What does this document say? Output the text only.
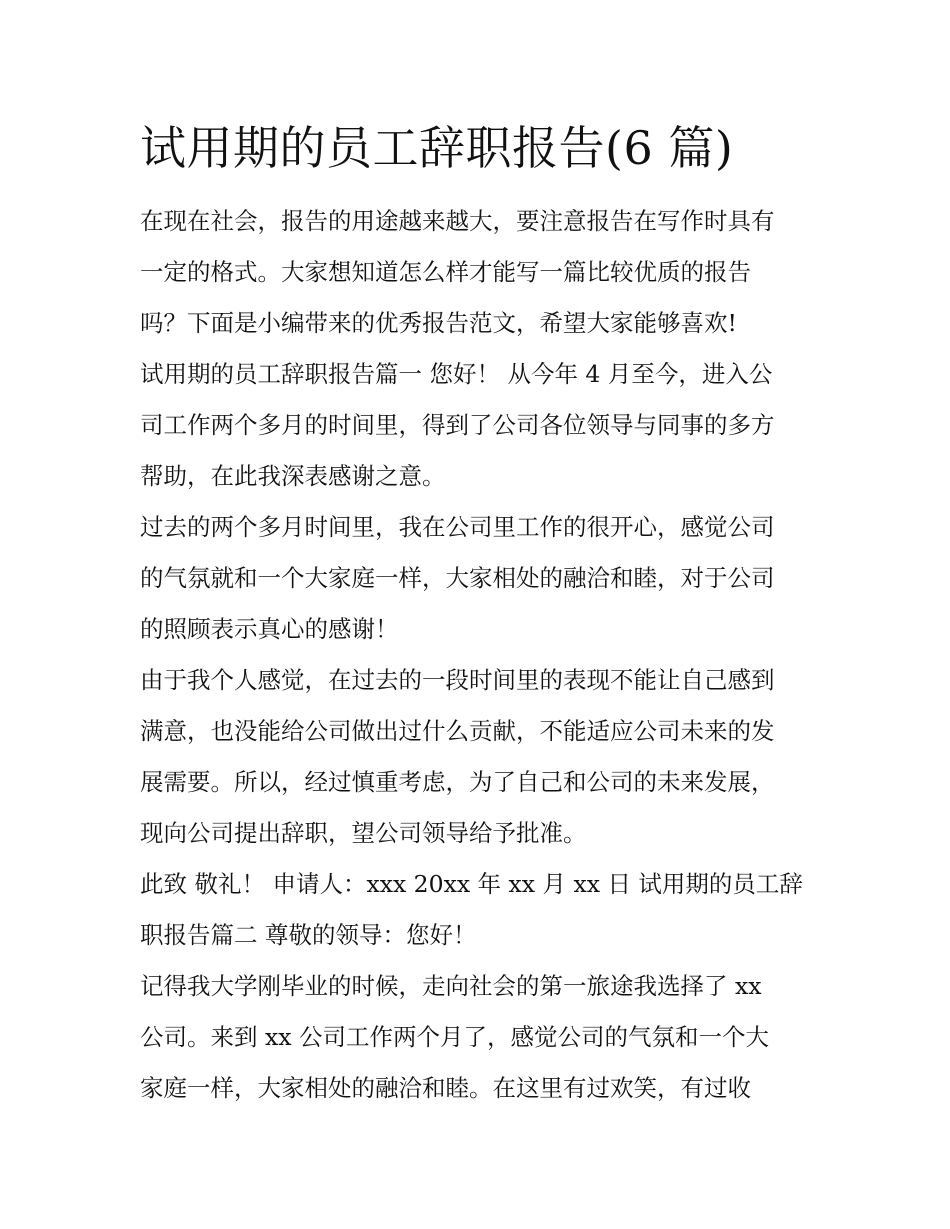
试用期的员工辞职报告(6 篇)
在现在社会，报告的用途越来越大，要注意报告在写作时具有
一定的格式。大家想知道怎么样才能写一篇比较优质的报告
吗？下面是小编带来的优秀报告范文，希望大家能够喜欢!
试用期的员工辞职报告篇一 您好！ 从今年 4 月至今，进入公
司工作两个多月的时间里，得到了公司各位领导与同事的多方
帮助，在此我深表感谢之意。
过去的两个多月时间里，我在公司里工作的很开心，感觉公司
的气氛就和一个大家庭一样，大家相处的融洽和睦，对于公司
的照顾表示真心的感谢！
由于我个人感觉，在过去的一段时间里的表现不能让自己感到
满意，也没能给公司做出过什么贡献，不能适应公司未来的发
展需要。所以，经过慎重考虑，为了自己和公司的未来发展，
现向公司提出辞职，望公司领导给予批准。
此致 敬礼！ 申请人：xxx 20xx 年 xx 月 xx 日 试用期的员工辞
职报告篇二 尊敬的领导：您好！
记得我大学刚毕业的时候，走向社会的第一旅途我选择了 xx
公司。来到 xx 公司工作两个月了，感觉公司的气氛和一个大
家庭一样，大家相处的融洽和睦。在这里有过欢笑，有过收
